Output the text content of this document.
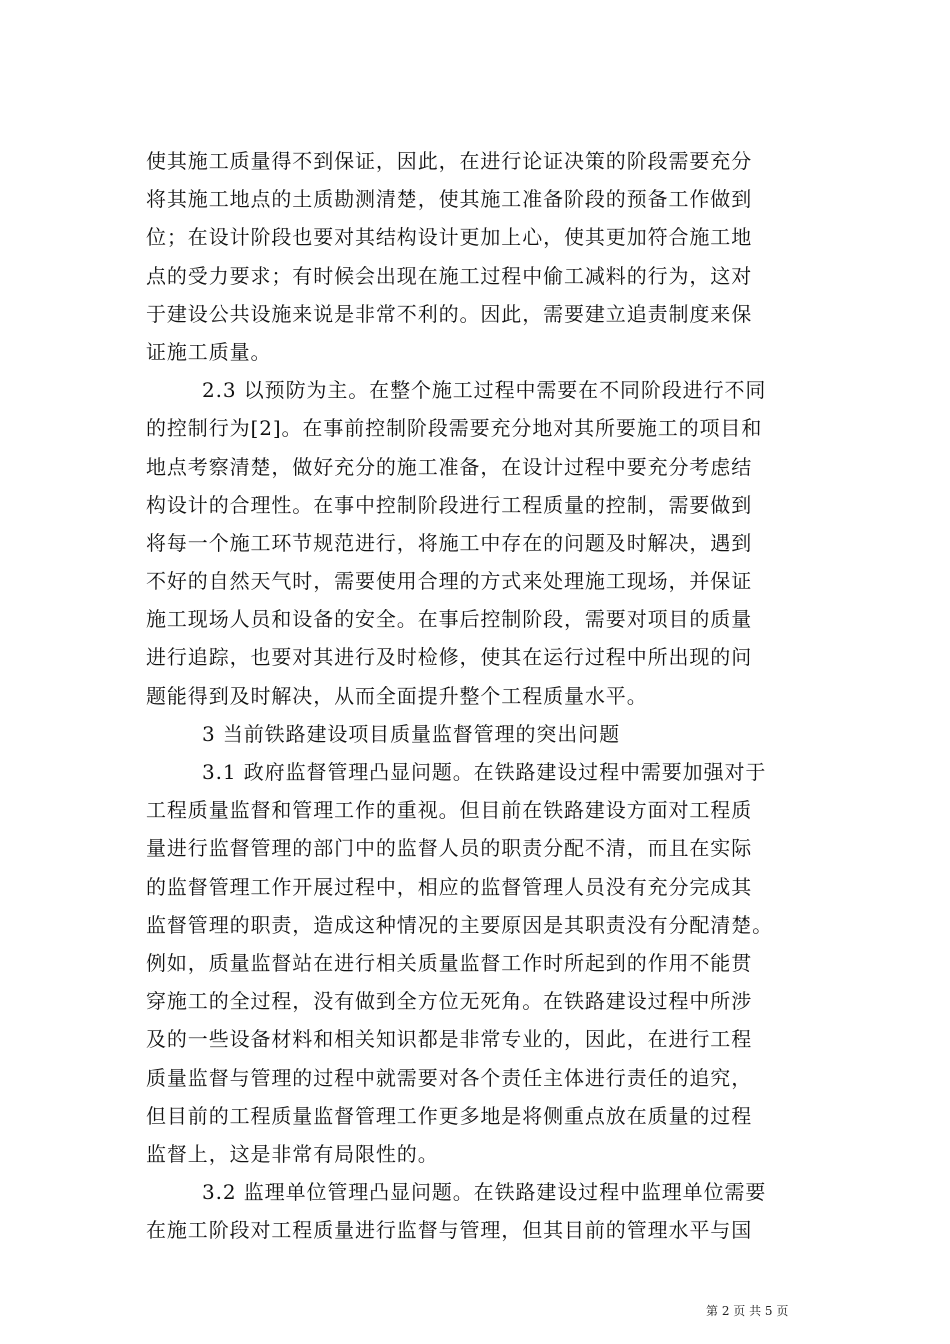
使其施工质量得不到保证，因此，在进行论证决策的阶段需要充分
将其施工地点的土质勘测清楚，使其施工准备阶段的预备工作做到
位；在设计阶段也要对其结构设计更加上心，使其更加符合施工地
点的受力要求；有时候会出现在施工过程中偷工减料的行为，这对
于建设公共设施来说是非常不利的。因此，需要建立追责制度来保
证施工质量。
2.3 以预防为主。在整个施工过程中需要在不同阶段进行不同
的控制行为[2]。在事前控制阶段需要充分地对其所要施工的项目和
地点考察清楚，做好充分的施工准备，在设计过程中要充分考虑结
构设计的合理性。在事中控制阶段进行工程质量的控制，需要做到
将每一个施工环节规范进行，将施工中存在的问题及时解决，遇到
不好的自然天气时，需要使用合理的方式来处理施工现场，并保证
施工现场人员和设备的安全。在事后控制阶段，需要对项目的质量
进行追踪，也要对其进行及时检修，使其在运行过程中所出现的问
题能得到及时解决，从而全面提升整个工程质量水平。
3 当前铁路建设项目质量监督管理的突出问题
3.1 政府监督管理凸显问题。在铁路建设过程中需要加强对于
工程质量监督和管理工作的重视。但目前在铁路建设方面对工程质
量进行监督管理的部门中的监督人员的职责分配不清，而且在实际
的监督管理工作开展过程中，相应的监督管理人员没有充分完成其
监督管理的职责，造成这种情况的主要原因是其职责没有分配清楚。
例如，质量监督站在进行相关质量监督工作时所起到的作用不能贯
穿施工的全过程，没有做到全方位无死角。在铁路建设过程中所涉
及的一些设备材料和相关知识都是非常专业的，因此，在进行工程
质量监督与管理的过程中就需要对各个责任主体进行责任的追究，
但目前的工程质量监督管理工作更多地是将侧重点放在质量的过程
监督上，这是非常有局限性的。
3.2 监理单位管理凸显问题。在铁路建设过程中监理单位需要
在施工阶段对工程质量进行监督与管理，但其目前的管理水平与国
第 2 页 共 5 页
